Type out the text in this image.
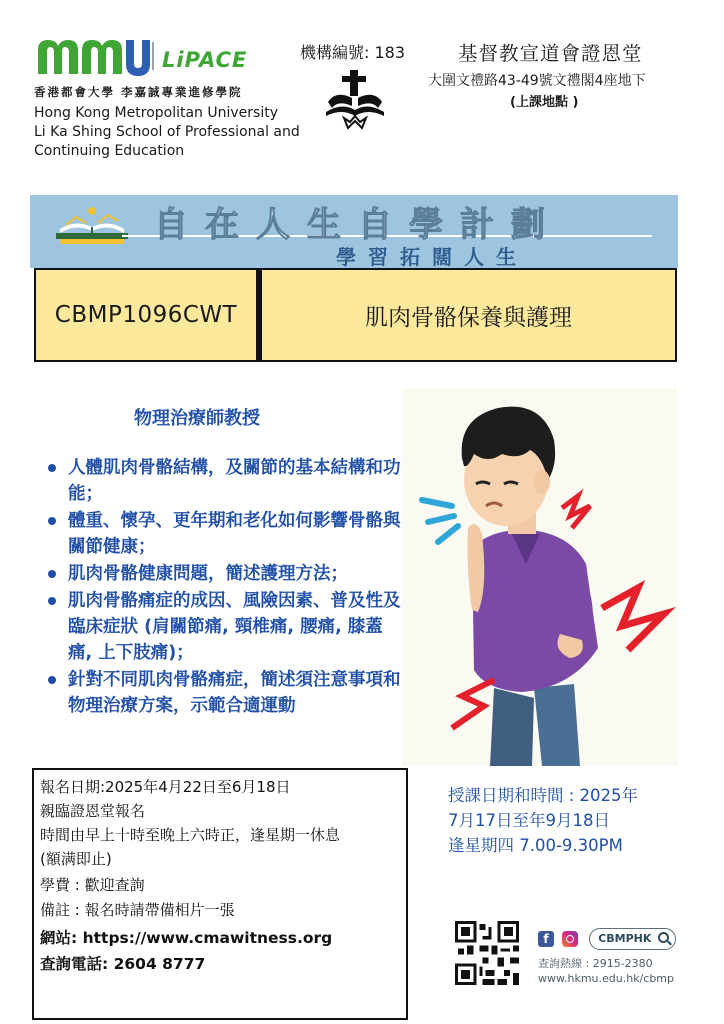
LiPACE
香港都會大學 李嘉誠專業進修學院
Hong Kong Metropolitan University
Li Ka Shing School of Professional and
Continuing Education
機構編號: 183	基督教宣道會證恩堂
大圍文禮路43-49號文禮閣4座地下
(上課地點 )
自在人生自學計劃
學習拓闊人生
CBMP1096CWT	肌肉骨骼保養與護理
物理治療師教授
人體肌肉骨骼結構，及關節的基本結構和功能；
體重、懷孕、更年期和老化如何影響骨骼與關節健康；
肌肉骨骼健康問題，簡述護理方法；
肌肉骨骼痛症的成因、風險因素、普及性及臨床症狀 (肩關節痛, 頸椎痛, 腰痛, 膝蓋痛, 上下肢痛)；
針對不同肌肉骨骼痛症，簡述須注意事項和物理治療方案，示範合適運動
報名日期:2025年4月22日至6月18日
親臨證恩堂報名
時間由早上十時至晚上六時正，逢星期一休息
(額满即止)
學費 : 歡迎查詢
備註 : 報名時請帶備相片一張
網站: https://www.cmawitness.org
查詢電話: 2604 8777
授課日期和時間 : 2025年
7月17日至年9月18日
逢星期四 7.00-9.30PM
f	CBMPHK
查詢熱線 : 2915-2380
www.hkmu.edu.hk/cbmp
